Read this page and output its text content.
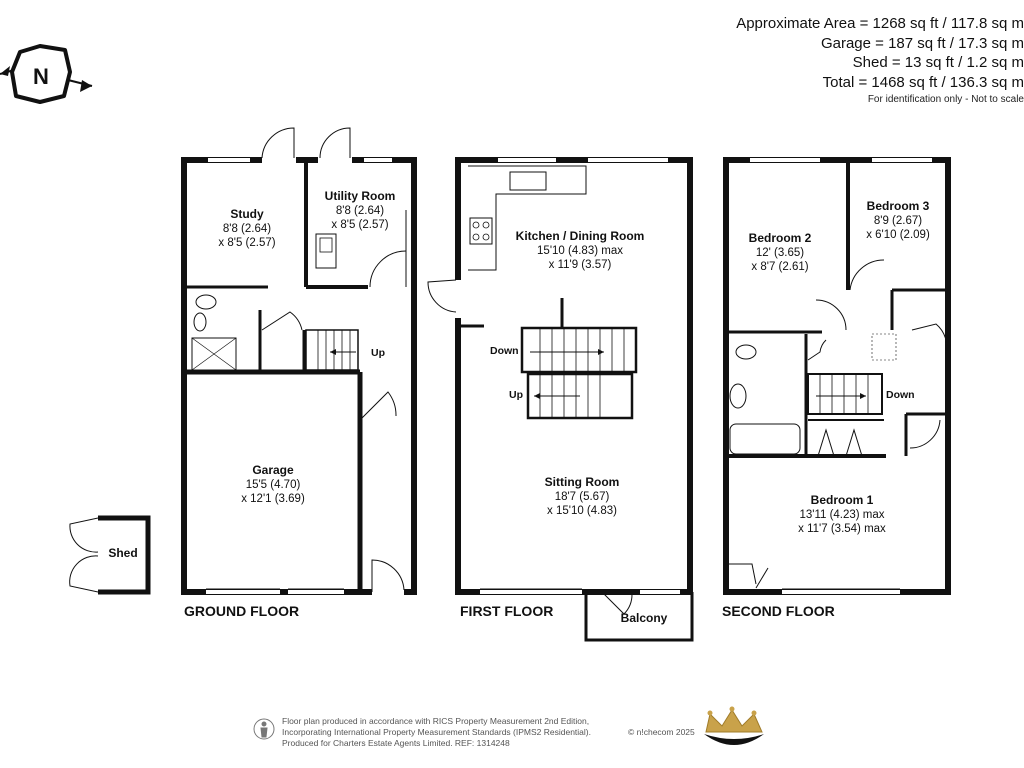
Approximate Area = 1268 sq ft / 117.8 sq m
Garage = 187 sq ft / 17.3 sq m
Shed = 13 sq ft / 1.2 sq m
Total = 1468 sq ft / 136.3 sq m
For identification only - Not to scale
N
Study
8'8 (2.64)
x 8'5 (2.57)
Utility Room
8'8 (2.64)
x 8'5 (2.57)
Garage
15'5 (4.70)
x 12'1 (3.69)
Shed
Up
Kitchen / Dining Room
15'10 (4.83) max
x 11'9 (3.57)
Down
Up
Sitting Room
18'7 (5.67)
x 15'10 (4.83)
Balcony
Bedroom 2
12' (3.65)
x 8'7 (2.61)
Bedroom 3
8'9 (2.67)
x 6'10 (2.09)
Down
Bedroom 1
13'11 (4.23) max
x 11'7 (3.54) max
GROUND FLOOR	FIRST FLOOR	SECOND FLOOR
Floor plan produced in accordance with RICS Property Measurement 2nd Edition,
Incorporating International Property Measurement Standards (IPMS2 Residential).
Produced for Charters Estate Agents Limited. REF: 1314248
© n!checom 2025
